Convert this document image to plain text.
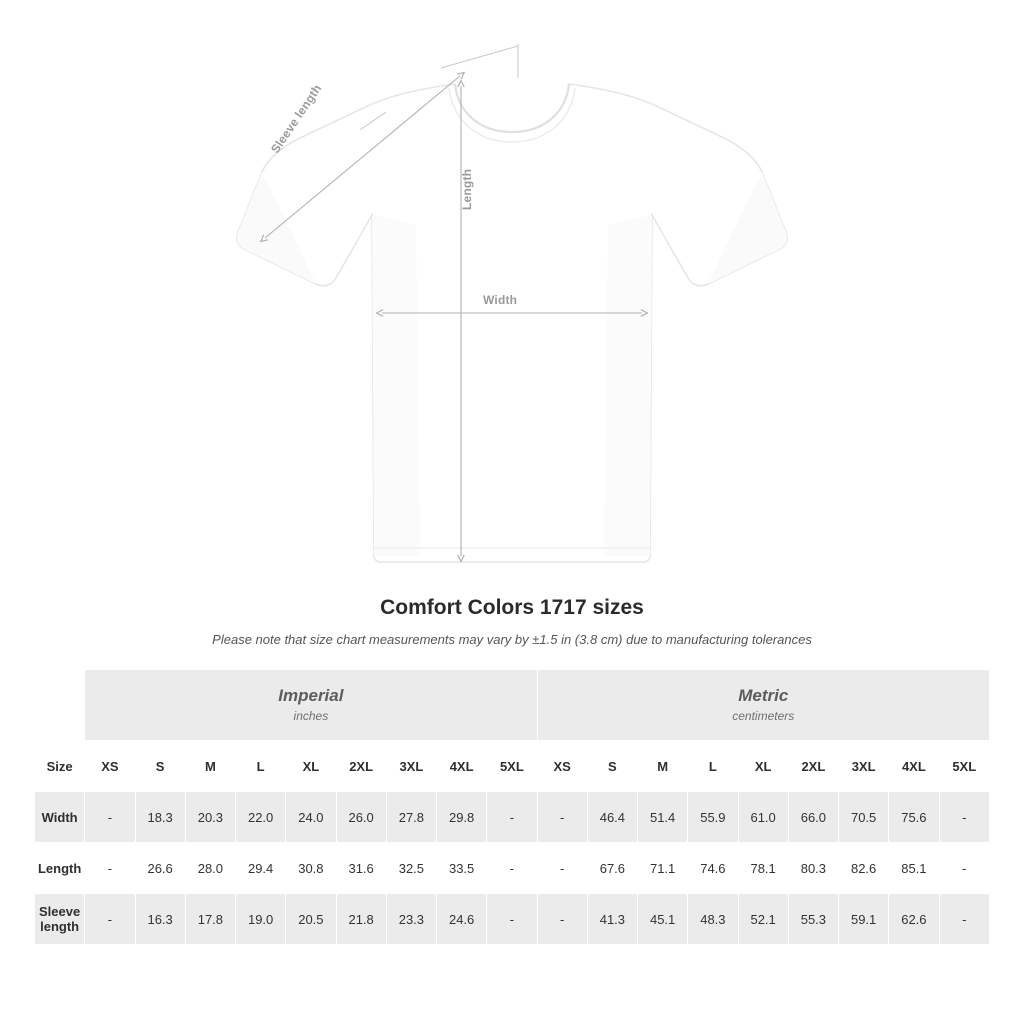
Sleeve length
Length
Width
Comfort Colors 1717 sizes

Please note that size chart measurements may vary by ±1.5 in (3.8 cm) due to manufacturing tolerances

Imperial
inches

Metric
centimeters

Size	XS	S	M	L	XL	2XL	3XL	4XL	5XL	XS	S	M	L	XL	2XL	3XL	4XL	5XL
Width	-	18.3	20.3	22.0	24.0	26.0	27.8	29.8	-	-	46.4	51.4	55.9	61.0	66.0	70.5	75.6	-
Length	-	26.6	28.0	29.4	30.8	31.6	32.5	33.5	-	-	67.6	71.1	74.6	78.1	80.3	82.6	85.1	-
Sleeve length	-	16.3	17.8	19.0	20.5	21.8	23.3	24.6	-	-	41.3	45.1	48.3	52.1	55.3	59.1	62.6	-
